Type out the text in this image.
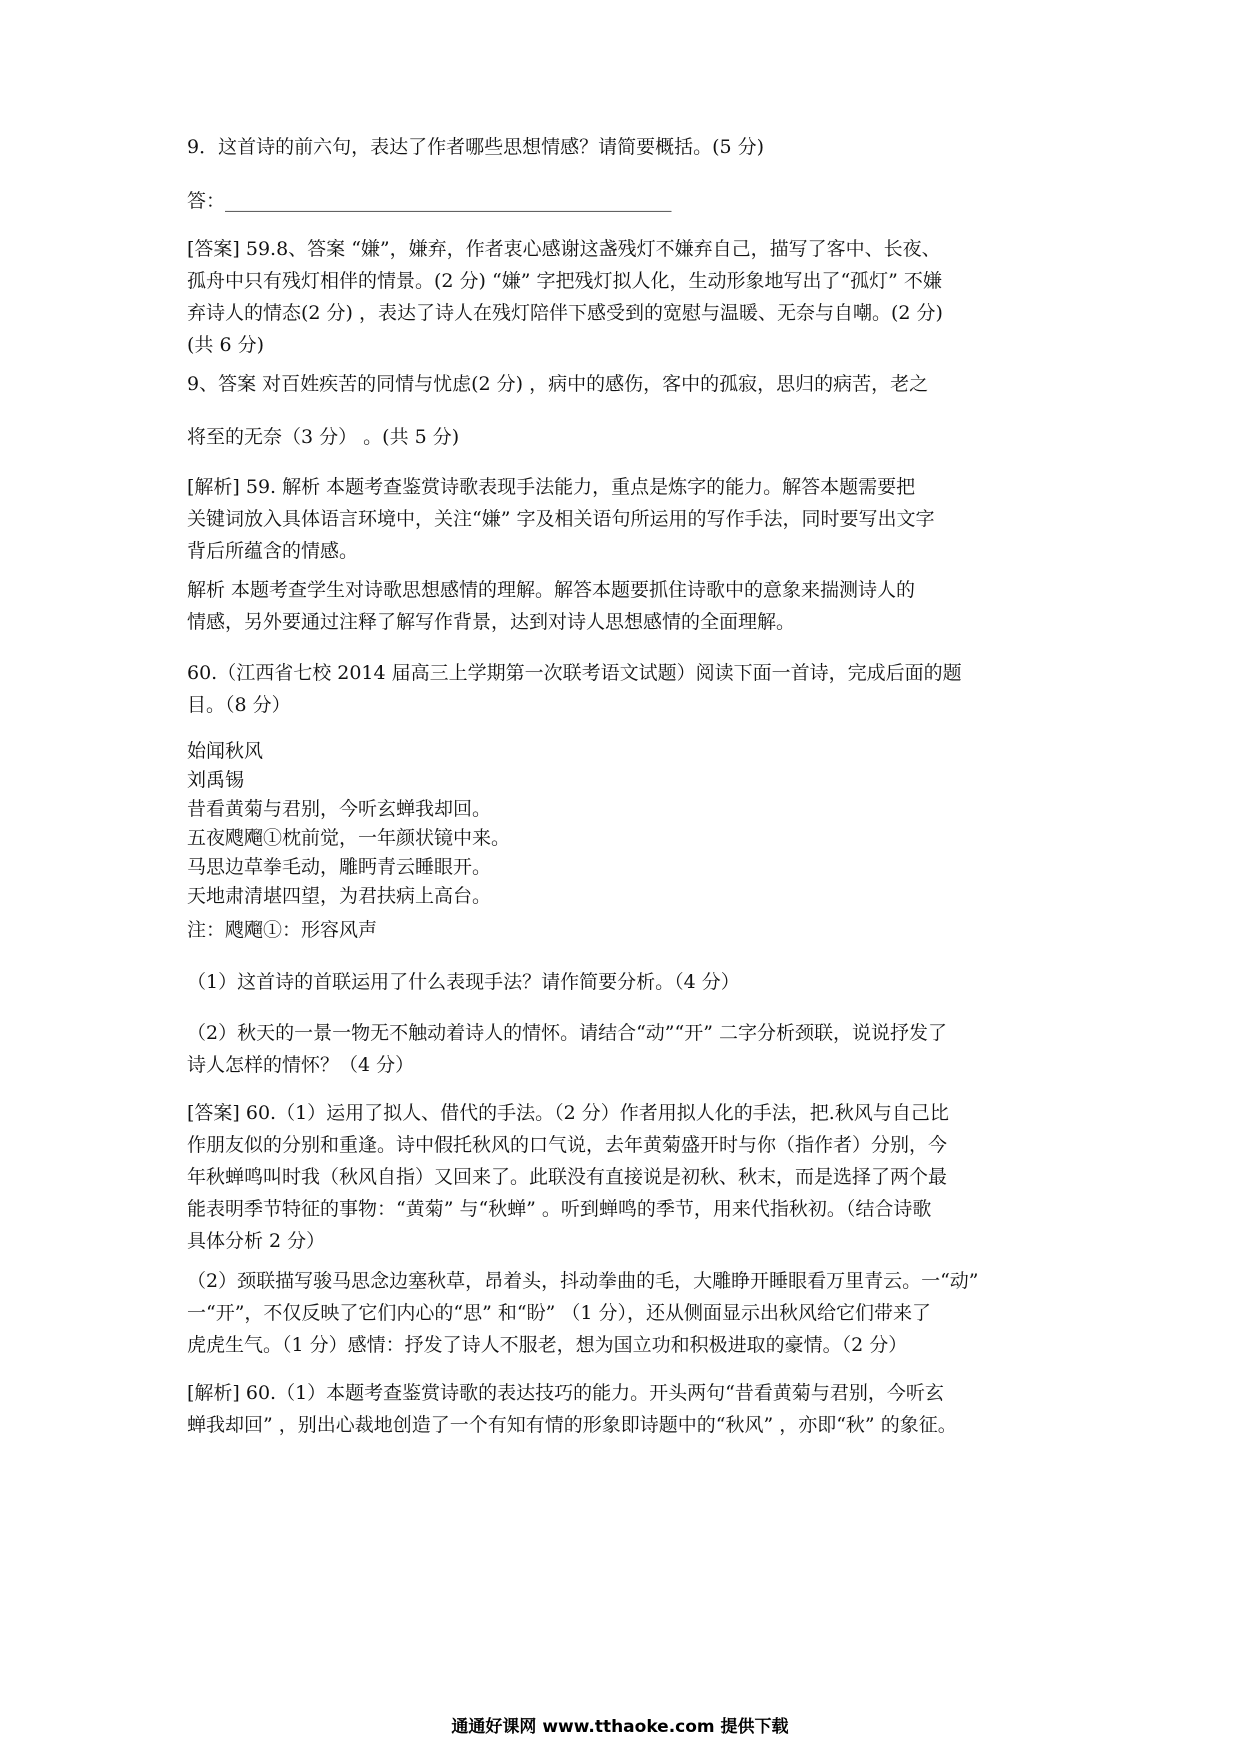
9．这首诗的前六句，表达了作者哪些思想情感？请简要概括。(5 分)

答：_______________________________________________

[答案] 59.8、答案 “嫌”，嫌弃，作者衷心感谢这盏残灯不嫌弃自己，描写了客中、长夜、
孤舟中只有残灯相伴的情景。(2 分) “嫌” 字把残灯拟人化，生动形象地写出了“孤灯” 不嫌
弃诗人的情态(2 分) ，表达了诗人在残灯陪伴下感受到的宽慰与温暖、无奈与自嘲。(2 分)
(共 6 分)

9、答案 对百姓疾苦的同情与忧虑(2 分) ，病中的感伤，客中的孤寂，思归的病苦，老之

将至的无奈（3 分） 。(共 5 分)

[解析] 59. 解析 本题考查鉴赏诗歌表现手法能力，重点是炼字的能力。解答本题需要把
关键词放入具体语言环境中，关注“嫌” 字及相关语句所运用的写作手法，同时要写出文字
背后所蕴含的情感。

解析 本题考查学生对诗歌思想感情的理解。解答本题要抓住诗歌中的意象来揣测诗人的
情感，另外要通过注释了解写作背景，达到对诗人思想感情的全面理解。

60.（江西省七校 2014 届高三上学期第一次联考语文试题）阅读下面一首诗，完成后面的题
目。（8 分）

始闻秋风
刘禹锡
昔看黄菊与君别，今听玄蝉我却回。
五夜飕飗①枕前觉，一年颜状镜中来。
马思边草拳毛动，雕眄青云睡眼开。
天地肃清堪四望，为君扶病上高台。

注：飕飗①：形容风声

（1）这首诗的首联运用了什么表现手法？请作简要分析。（4 分）

（2）秋天的一景一物无不触动着诗人的情怀。请结合“动”“开” 二字分析颈联，说说抒发了
诗人怎样的情怀？（4 分）

[答案] 60.（1）运用了拟人、借代的手法。（2 分）作者用拟人化的手法，把.秋风与自己比
作朋友似的分别和重逢。诗中假托秋风的口气说，去年黄菊盛开时与你（指作者）分别，今
年秋蝉鸣叫时我（秋风自指）又回来了。此联没有直接说是初秋、秋末，而是选择了两个最
能表明季节特征的事物：“黄菊” 与“秋蝉” 。听到蝉鸣的季节，用来代指秋初。（结合诗歌
具体分析 2 分）

（2）颈联描写骏马思念边塞秋草，昂着头，抖动拳曲的毛，大雕睁开睡眼看万里青云。一“动”
一“开”，不仅反映了它们内心的“思” 和“盼” （1 分），还从侧面显示出秋风给它们带来了
虎虎生气。（1 分）感情：抒发了诗人不服老，想为国立功和积极进取的豪情。（2 分）

[解析] 60.（1）本题考查鉴赏诗歌的表达技巧的能力。开头两句“昔看黄菊与君别，今听玄
蝉我却回” ，别出心裁地创造了一个有知有情的形象即诗题中的“秋风” ，亦即“秋” 的象征。

通通好课网 www.tthaoke.com 提供下载
